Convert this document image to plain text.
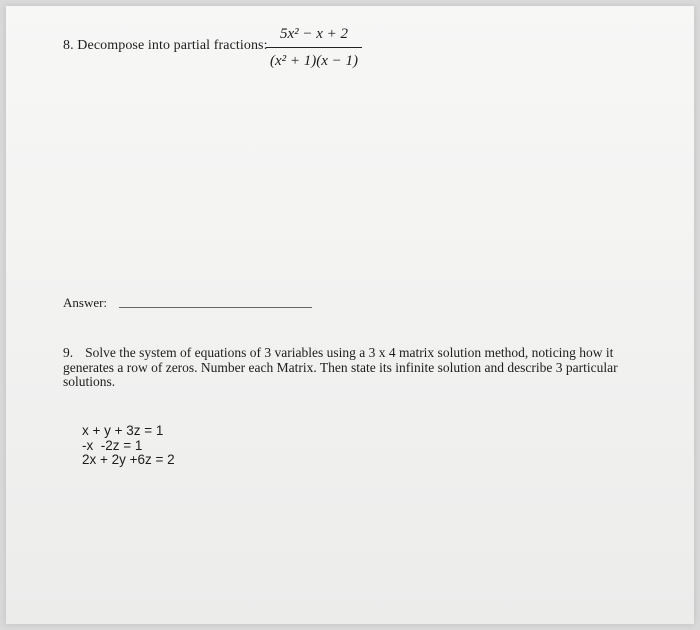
8. Decompose into partial fractions:
5x² − x + 2
(x² + 1)(x − 1)
Answer:
9. Solve the system of equations of 3 variables using a 3 x 4 matrix solution method, noticing how it generates a row of zeros. Number each Matrix. Then state its infinite solution and describe 3 particular solutions.
x + y + 3z = 1
-x  -2z = 1
2x + 2y +6z = 2
